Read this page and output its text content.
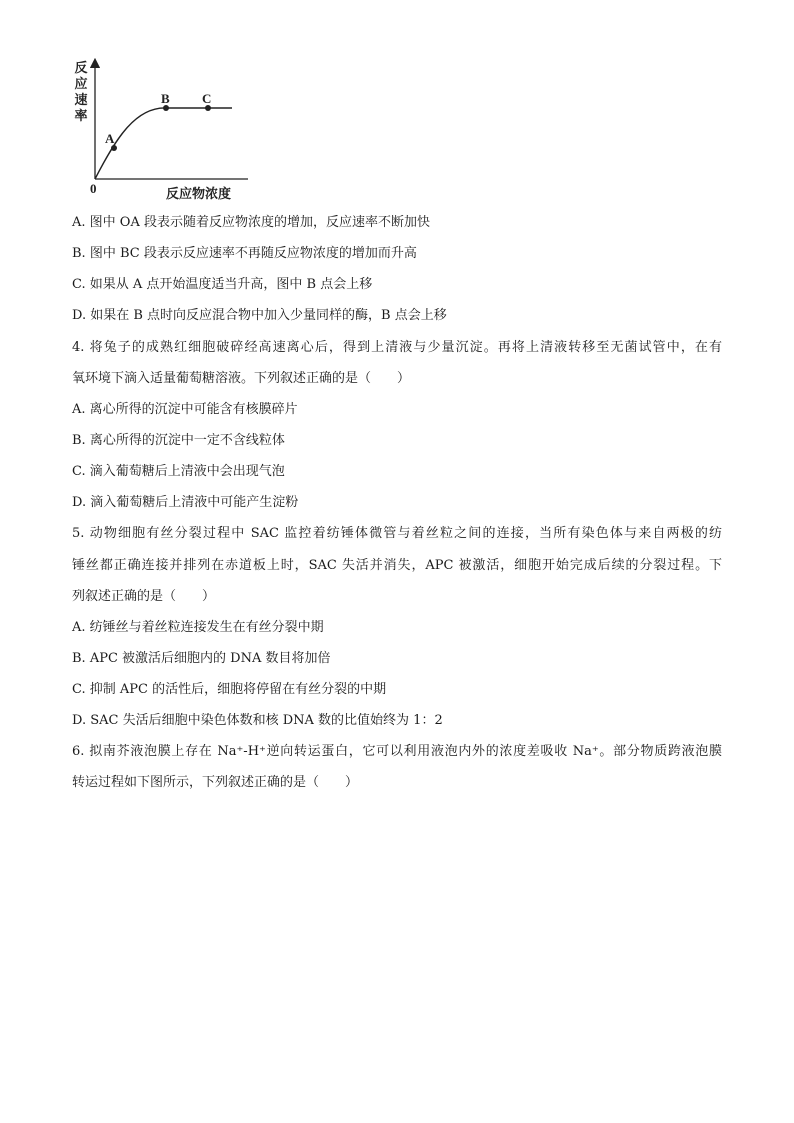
反
应
速
率
A
B C
0	反应物浓度
A. 图中 OA 段表示随着反应物浓度的增加，反应速率不断加快
B. 图中 BC 段表示反应速率不再随反应物浓度的增加而升高
C. 如果从 A 点开始温度适当升高，图中 B 点会上移
D. 如果在 B 点时向反应混合物中加入少量同样的酶，B 点会上移
4. 将兔子的成熟红细胞破碎经高速离心后，得到上清液与少量沉淀。再将上清液转移至无菌试管中，在有
氧环境下滴入适量葡萄糖溶液。下列叙述正确的是（　　）
A. 离心所得的沉淀中可能含有核膜碎片
B. 离心所得的沉淀中一定不含线粒体
C. 滴入葡萄糖后上清液中会出现气泡
D. 滴入葡萄糖后上清液中可能产生淀粉
5. 动物细胞有丝分裂过程中 SAC 监控着纺锤体微管与着丝粒之间的连接，当所有染色体与来自两极的纺
锤丝都正确连接并排列在赤道板上时，SAC 失活并消失，APC 被激活，细胞开始完成后续的分裂过程。下
列叙述正确的是（　　）
A. 纺锤丝与着丝粒连接发生在有丝分裂中期
B. APC 被激活后细胞内的 DNA 数目将加倍
C. 抑制 APC 的活性后，细胞将停留在有丝分裂的中期
D. SAC 失活后细胞中染色体数和核 DNA 数的比值始终为 1：2
6. 拟南芥液泡膜上存在 Na⁺-H⁺逆向转运蛋白，它可以利用液泡内外的浓度差吸收 Na⁺。部分物质跨液泡膜
转运过程如下图所示，下列叙述正确的是（　　）
